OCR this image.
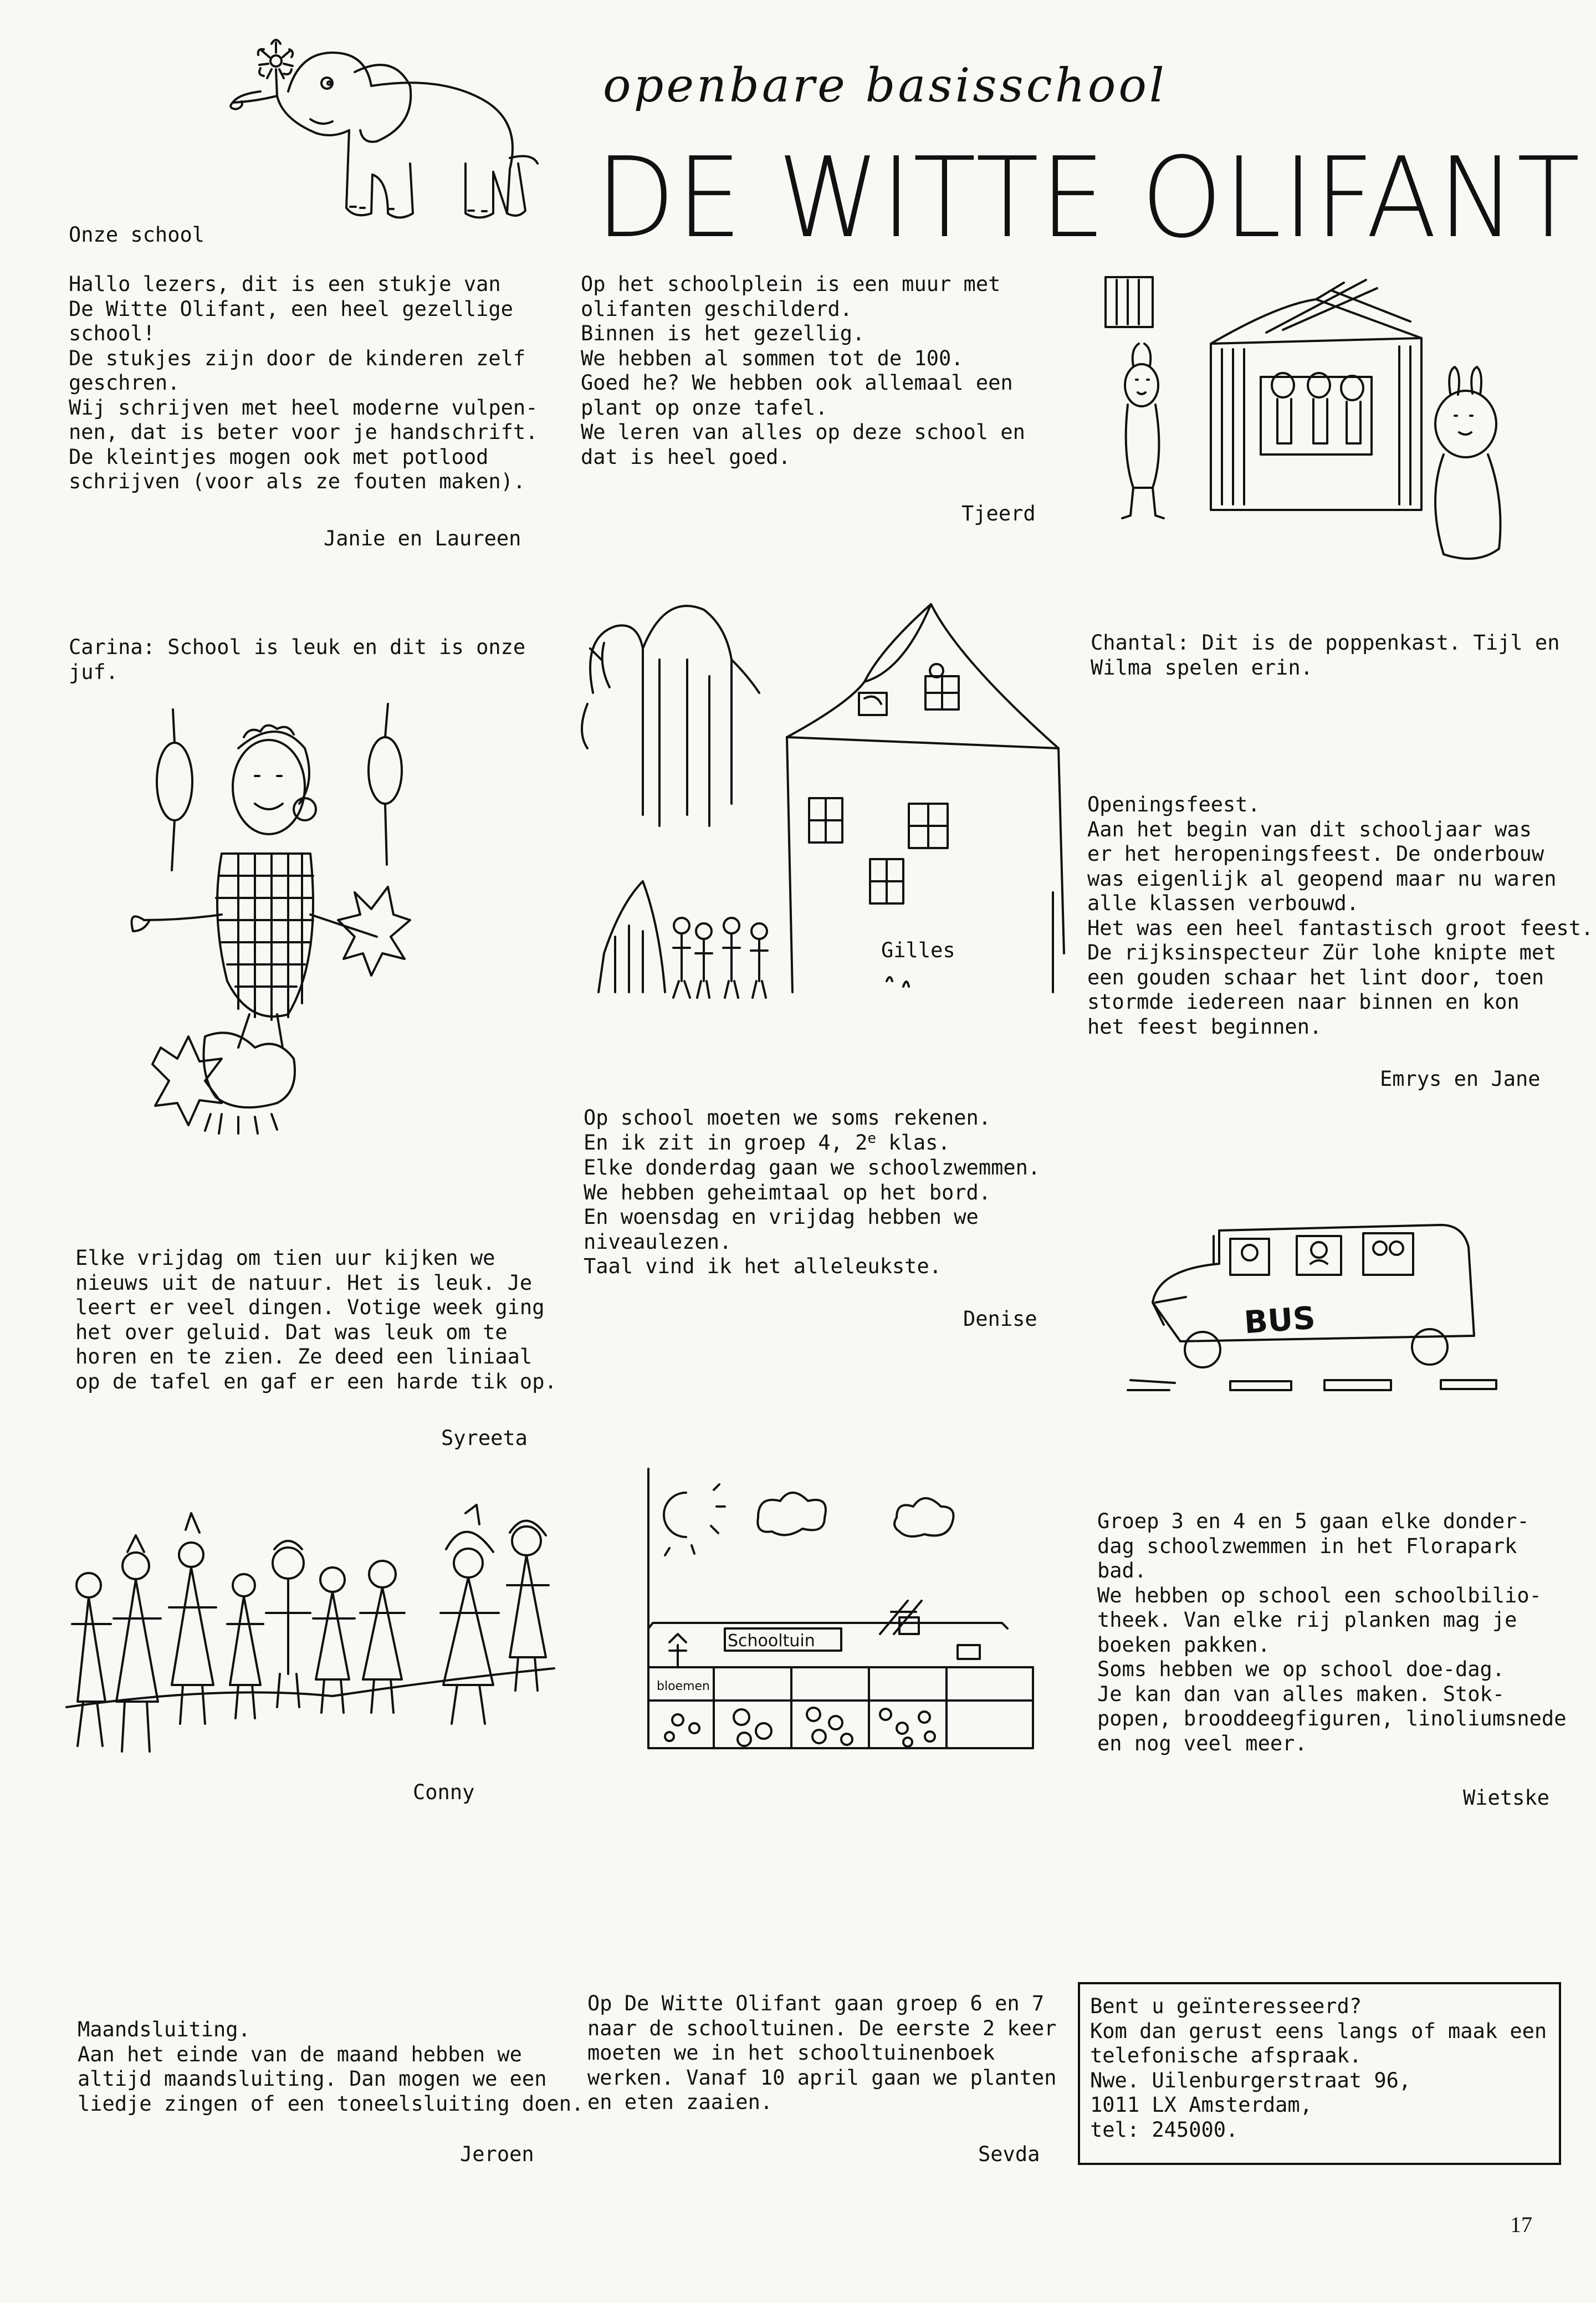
openbare basisschool
DE WITTE OLIFANT
Onze school
Hallo lezers, dit is een stukje van
De Witte Olifant, een heel gezellige
school!
De stukjes zijn door de kinderen zelf
geschren.
Wij schrijven met heel moderne vulpen-
nen, dat is beter voor je handschrift.
De kleintjes mogen ook met potlood
schrijven (voor als ze fouten maken).
Janie en Laureen
Op het schoolplein is een muur met
olifanten geschilderd.
Binnen is het gezellig.
We hebben al sommen tot de 100.
Goed he? We hebben ook allemaal een
plant op onze tafel.
We leren van alles op deze school en
dat is heel goed.
Tjeerd
Carina: School is leuk en dit is onze
juf.
Gilles
Chantal: Dit is de poppenkast. Tijl en
Wilma spelen erin.
Openingsfeest.
Aan het begin van dit schooljaar was
er het heropeningsfeest. De onderbouw
was eigenlijk al geopend maar nu waren
alle klassen verbouwd.
Het was een heel fantastisch groot feest.
De rijksinspecteur Zür lohe knipte met
een gouden schaar het lint door, toen
stormde iedereen naar binnen en kon
het feest beginnen.
Emrys en Jane
Op school moeten we soms rekenen.
En ik zit in groep 4, 2e klas.
Elke donderdag gaan we schoolzwemmen.
We hebben geheimtaal op het bord.
En woensdag en vrijdag hebben we
niveaulezen.
Taal vind ik het alleleukste.
Denise	BUS
Elke vrijdag om tien uur kijken we
nieuws uit de natuur. Het is leuk. Je
leert er veel dingen. Votige week ging
het over geluid. Dat was leuk om te
horen en te zien. Ze deed een liniaal
op de tafel en gaf er een harde tik op.
Syreeta
Conny
Schooltuin
bloemen
Groep 3 en 4 en 5 gaan elke donder-
dag schoolzwemmen in het Florapark
bad.
We hebben op school een schoolbilio-
theek. Van elke rij planken mag je
boeken pakken.
Soms hebben we op school doe-dag.
Je kan dan van alles maken. Stok-
popen, brooddeegfiguren, linoliumsnede
en nog veel meer.
Wietske
Maandsluiting.
Aan het einde van de maand hebben we
altijd maandsluiting. Dan mogen we een
liedje zingen of een toneelsluiting doen.
Jeroen
Op De Witte Olifant gaan groep 6 en 7
naar de schooltuinen. De eerste 2 keer
moeten we in het schooltuinenboek
werken. Vanaf 10 april gaan we planten
en eten zaaien.
Sevda
Bent u geïnteresseerd?
Kom dan gerust eens langs of maak een
telefonische afspraak.
Nwe. Uilenburgerstraat 96,
1011 LX Amsterdam,
tel: 245000.
17
